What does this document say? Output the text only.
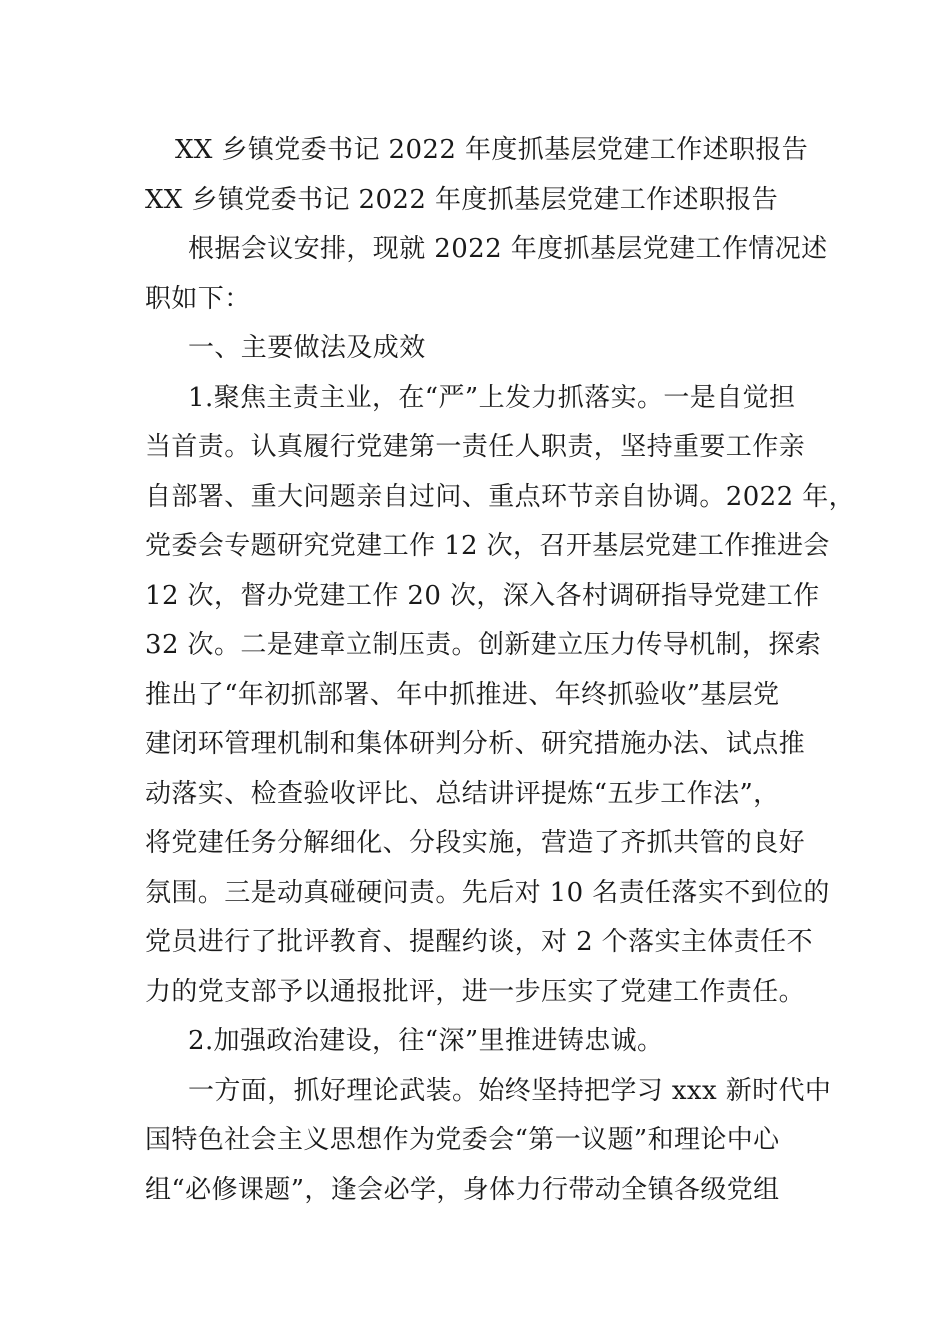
XX 乡镇党委书记 2022 年度抓基层党建工作述职报告

XX 乡镇党委书记 2022 年度抓基层党建工作述职报告

根据会议安排，现就 2022 年度抓基层党建工作情况述

职如下：

一、主要做法及成效

1.聚焦主责主业，在“严”上发力抓落实。一是自觉担

当首责。认真履行党建第一责任人职责，坚持重要工作亲

自部署、重大问题亲自过问、重点环节亲自协调。2022 年，

党委会专题研究党建工作 12 次，召开基层党建工作推进会

12 次，督办党建工作 20 次，深入各村调研指导党建工作

32 次。二是建章立制压责。创新建立压力传导机制，探索

推出了“年初抓部署、年中抓推进、年终抓验收”基层党

建闭环管理机制和集体研判分析、研究措施办法、试点推

动落实、检查验收评比、总结讲评提炼“五步工作法”，

将党建任务分解细化、分段实施，营造了齐抓共管的良好

氛围。三是动真碰硬问责。先后对 10 名责任落实不到位的

党员进行了批评教育、提醒约谈，对 2 个落实主体责任不

力的党支部予以通报批评，进一步压实了党建工作责任。

2.加强政治建设，往“深”里推进铸忠诚。

一方面，抓好理论武装。始终坚持把学习 xxx 新时代中

国特色社会主义思想作为党委会“第一议题”和理论中心

组“必修课题”，逢会必学，身体力行带动全镇各级党组
